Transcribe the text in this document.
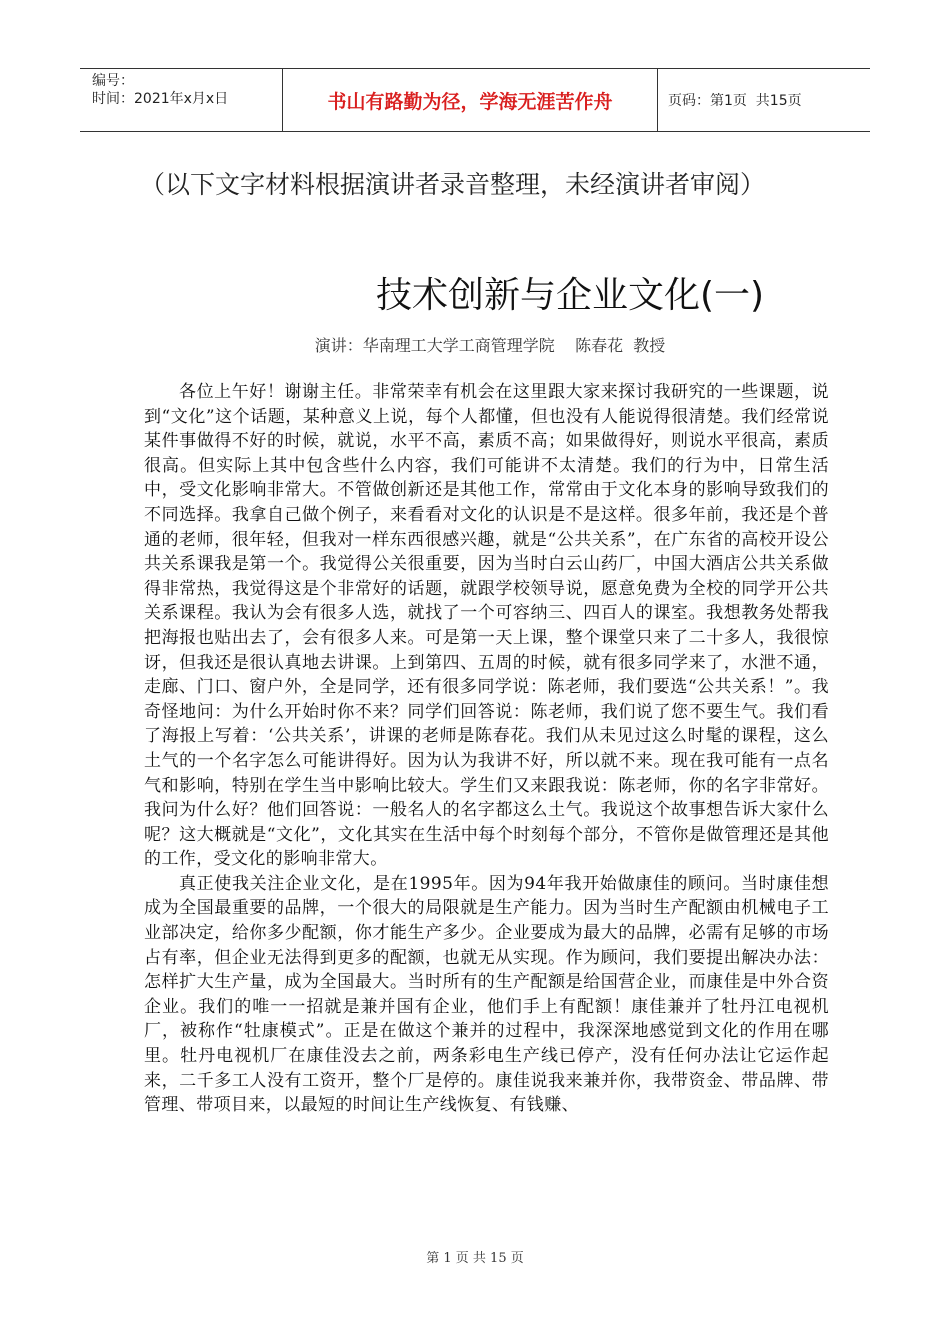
编号：
时间：2021年x月x日	书山有路勤为径，学海无涯苦作舟	页码：第1页  共15页
（以下文字材料根据演讲者录音整理，未经演讲者审阅）
技术创新与企业文化(一)
演讲：华南理工大学工商管理学院    陈春花  教授

各位上午好！谢谢主任。非常荣幸有机会在这里跟大家来探讨我研究的一些课题，说到“文化”这个话题，某种意义上说，每个人都懂，但也没有人能说得很清楚。我们经常说某件事做得不好的时候，就说，水平不高，素质不高；如果做得好，则说水平很高，素质很高。但实际上其中包含些什么内容，我们可能讲不太清楚。我们的行为中，日常生活中，受文化影响非常大。不管做创新还是其他工作，常常由于文化本身的影响导致我们的不同选择。我拿自己做个例子，来看看对文化的认识是不是这样。很多年前，我还是个普通的老师，很年轻，但我对一样东西很感兴趣，就是“公共关系”，在广东省的高校开设公共关系课我是第一个。我觉得公关很重要，因为当时白云山药厂，中国大酒店公共关系做得非常热，我觉得这是个非常好的话题，就跟学校领导说，愿意免费为全校的同学开公共关系课程。我认为会有很多人选，就找了一个可容纳三、四百人的课室。我想教务处帮我把海报也贴出去了，会有很多人来。可是第一天上课，整个课堂只来了二十多人，我很惊讶，但我还是很认真地去讲课。上到第四、五周的时候，就有很多同学来了，水泄不通，走廊、门口、窗户外，全是同学，还有很多同学说：陈老师，我们要选“公共关系！”。我奇怪地问：为什么开始时你不来？同学们回答说：陈老师，我们说了您不要生气。我们看了海报上写着：‘公共关系’，讲课的老师是陈春花。我们从未见过这么时髦的课程，这么土气的一个名字怎么可能讲得好。因为认为我讲不好，所以就不来。现在我可能有一点名气和影响，特别在学生当中影响比较大。学生们又来跟我说：陈老师，你的名字非常好。我问为什么好？他们回答说：一般名人的名字都这么土气。我说这个故事想告诉大家什么呢？这大概就是“文化”，文化其实在生活中每个时刻每个部分，不管你是做管理还是其他的工作，受文化的影响非常大。

真正使我关注企业文化，是在1995年。因为94年我开始做康佳的顾问。当时康佳想成为全国最重要的品牌，一个很大的局限就是生产能力。因为当时生产配额由机械电子工业部决定，给你多少配额，你才能生产多少。企业要成为最大的品牌，必需有足够的市场占有率，但企业无法得到更多的配额，也就无从实现。作为顾问，我们要提出解决办法：怎样扩大生产量，成为全国最大。当时所有的生产配额是给国营企业，而康佳是中外合资企业。我们的唯一一招就是兼并国有企业，他们手上有配额！康佳兼并了牡丹江电视机厂，被称作“牡康模式”。正是在做这个兼并的过程中，我深深地感觉到文化的作用在哪里。牡丹电视机厂在康佳没去之前，两条彩电生产线已停产，没有任何办法让它运作起来，二千多工人没有工资开，整个厂是停的。康佳说我来兼并你，我带资金、带品牌、带管理、带项目来，以最短的时间让生产线恢复、有钱赚、

第 1 页 共 15 页
